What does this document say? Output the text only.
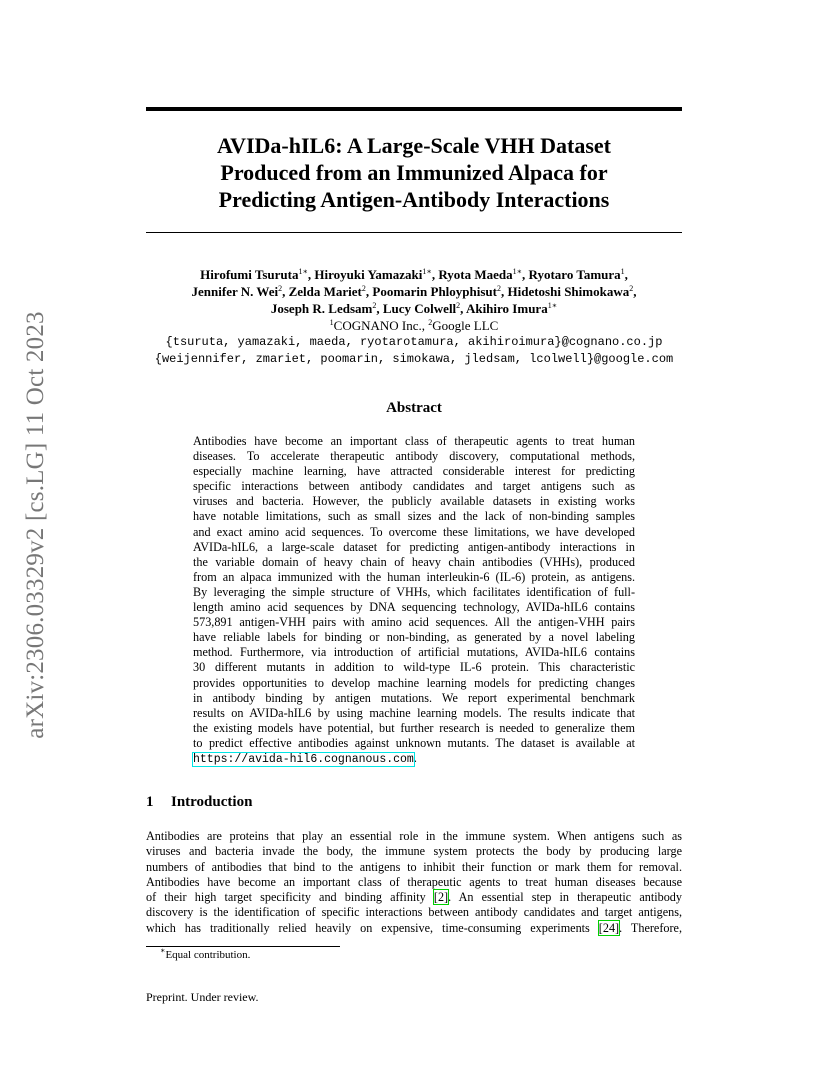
arXiv:2306.03329v2 [cs.LG] 11 Oct 2023
AVIDa-hIL6: A Large-Scale VHH Dataset
Produced from an Immunized Alpaca for
Predicting Antigen-Antibody Interactions
Hirofumi Tsuruta$^{1∗}$, Hiroyuki Yamazaki$^{1∗}$, Ryota Maeda$^{1∗}$, Ryotaro Tamura$^1$,
Jennifer N. Wei$^2$, Zelda Mariet$^2$, Poomarin Phloyphisut$^2$, Hidetoshi Shimokawa$^2$,
Joseph R. Ledsam$^2$, Lucy Colwell$^2$, Akihiro Imura$^{1∗}$
$^1$COGNANO Inc., $^2$Google LLC
{tsuruta, yamazaki, maeda, ryotarotamura, akihiroimura}@cognano.co.jp
{weijennifer, zmariet, poomarin, simokawa, jledsam, lcolwell}@google.com
Abstract
Antibodies have become an important class of therapeutic agents to treat human
diseases. To accelerate therapeutic antibody discovery, computational methods,
especially machine learning, have attracted considerable interest for predicting
specific interactions between antibody candidates and target antigens such as
viruses and bacteria. However, the publicly available datasets in existing works
have notable limitations, such as small sizes and the lack of non-binding samples
and exact amino acid sequences. To overcome these limitations, we have developed
AVIDa-hIL6, a large-scale dataset for predicting antigen-antibody interactions in
the variable domain of heavy chain of heavy chain antibodies (VHHs), produced
from an alpaca immunized with the human interleukin-6 (IL-6) protein, as antigens.
By leveraging the simple structure of VHHs, which facilitates identification of full-
length amino acid sequences by DNA sequencing technology, AVIDa-hIL6 contains
573,891 antigen-VHH pairs with amino acid sequences. All the antigen-VHH pairs
have reliable labels for binding or non-binding, as generated by a novel labeling
method. Furthermore, via introduction of artificial mutations, AVIDa-hIL6 contains
30 different mutants in addition to wild-type IL-6 protein. This characteristic
provides opportunities to develop machine learning models for predicting changes
in antibody binding by antigen mutations. We report experimental benchmark
results on AVIDa-hIL6 by using machine learning models. The results indicate that
the existing models have potential, but further research is needed to generalize them
to predict effective antibodies against unknown mutants. The dataset is available at
https://avida-hil6.cognanous.com.
1 Introduction
Antibodies are proteins that play an essential role in the immune system. When antigens such as
viruses and bacteria invade the body, the immune system protects the body by producing large
numbers of antibodies that bind to the antigens to inhibit their function or mark them for removal.
Antibodies have become an important class of therapeutic agents to treat human diseases because
of their high target specificity and binding affinity [2]. An essential step in therapeutic antibody
discovery is the identification of specific interactions between antibody candidates and target antigens,
which has traditionally relied heavily on expensive, time-consuming experiments [24]. Therefore,
∗Equal contribution.
Preprint. Under review.
